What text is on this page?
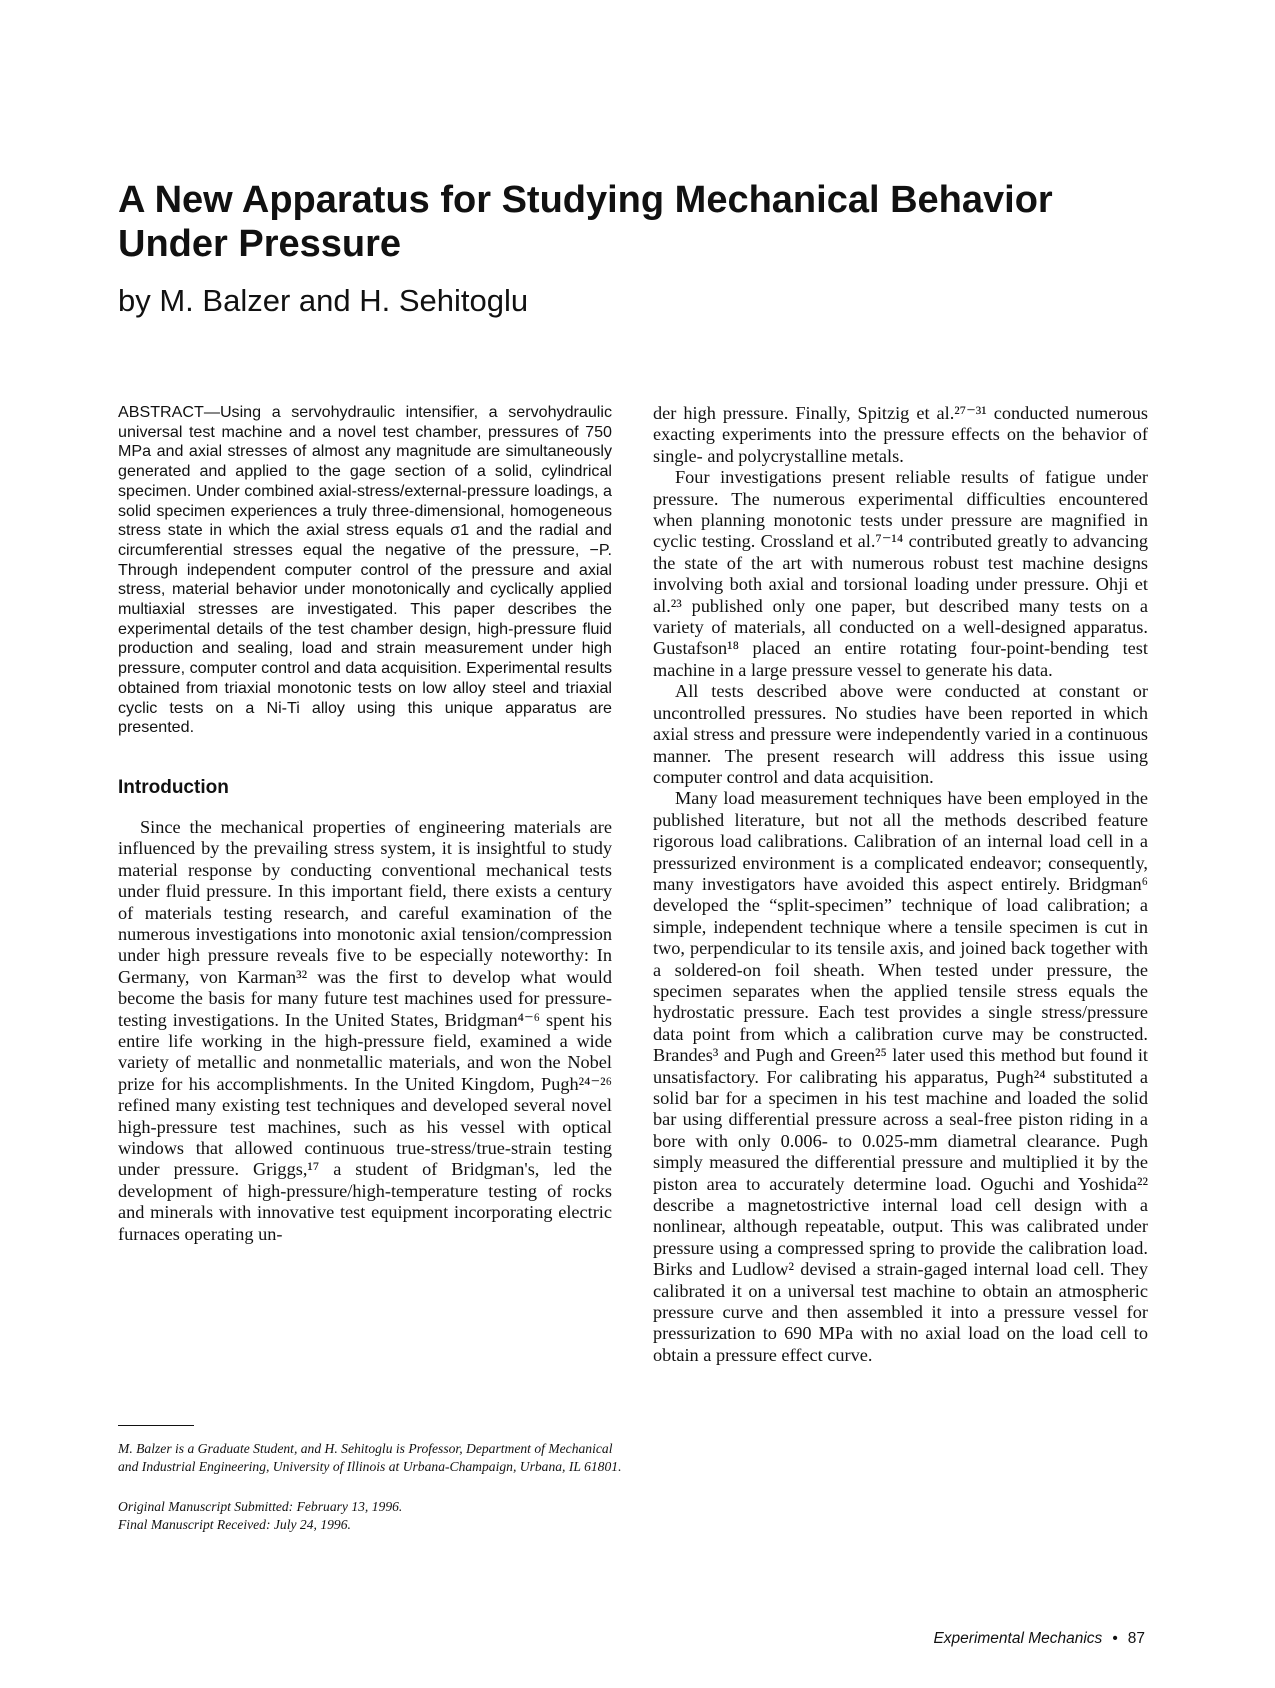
A New Apparatus for Studying Mechanical Behavior Under Pressure

by M. Balzer and H. Sehitoglu

ABSTRACT—Using a servohydraulic intensifier, a servohydraulic universal test machine and a novel test chamber, pressures of 750 MPa and axial stresses of almost any magnitude are simultaneously generated and applied to the gage section of a solid, cylindrical specimen. Under combined axial-stress/external-pressure loadings, a solid specimen experiences a truly three-dimensional, homogeneous stress state in which the axial stress equals σ1 and the radial and circumferential stresses equal the negative of the pressure, −P. Through independent computer control of the pressure and axial stress, material behavior under monotonically and cyclically applied multiaxial stresses are investigated. This paper describes the experimental details of the test chamber design, high-pressure fluid production and sealing, load and strain measurement under high pressure, computer control and data acquisition. Experimental results obtained from triaxial monotonic tests on low alloy steel and triaxial cyclic tests on a Ni-Ti alloy using this unique apparatus are presented.

Introduction

Since the mechanical properties of engineering materials are influenced by the prevailing stress system, it is insightful to study material response by conducting conventional mechanical tests under fluid pressure. In this important field, there exists a century of materials testing research, and careful examination of the numerous investigations into monotonic axial tension/compression under high pressure reveals five to be especially noteworthy: In Germany, von Karman³² was the first to develop what would become the basis for many future test machines used for pressure-testing investigations. In the United States, Bridgman⁴⁻⁶ spent his entire life working in the high-pressure field, examined a wide variety of metallic and nonmetallic materials, and won the Nobel prize for his accomplishments. In the United Kingdom, Pugh²⁴⁻²⁶ refined many existing test techniques and developed several novel high-pressure test machines, such as his vessel with optical windows that allowed continuous true-stress/true-strain testing under pressure. Griggs,¹⁷ a student of Bridgman's, led the development of high-pressure/high-temperature testing of rocks and minerals with innovative test equipment incorporating electric furnaces operating un-

der high pressure. Finally, Spitzig et al.²⁷⁻³¹ conducted numerous exacting experiments into the pressure effects on the behavior of single- and polycrystalline metals.

Four investigations present reliable results of fatigue under pressure. The numerous experimental difficulties encountered when planning monotonic tests under pressure are magnified in cyclic testing. Crossland et al.⁷⁻¹⁴ contributed greatly to advancing the state of the art with numerous robust test machine designs involving both axial and torsional loading under pressure. Ohji et al.²³ published only one paper, but described many tests on a variety of materials, all conducted on a well-designed apparatus. Gustafson¹⁸ placed an entire rotating four-point-bending test machine in a large pressure vessel to generate his data.

All tests described above were conducted at constant or uncontrolled pressures. No studies have been reported in which axial stress and pressure were independently varied in a continuous manner. The present research will address this issue using computer control and data acquisition.

Many load measurement techniques have been employed in the published literature, but not all the methods described feature rigorous load calibrations. Calibration of an internal load cell in a pressurized environment is a complicated endeavor; consequently, many investigators have avoided this aspect entirely. Bridgman⁶ developed the “split-specimen” technique of load calibration; a simple, independent technique where a tensile specimen is cut in two, perpendicular to its tensile axis, and joined back together with a soldered-on foil sheath. When tested under pressure, the specimen separates when the applied tensile stress equals the hydrostatic pressure. Each test provides a single stress/pressure data point from which a calibration curve may be constructed. Brandes³ and Pugh and Green²⁵ later used this method but found it unsatisfactory. For calibrating his apparatus, Pugh²⁴ substituted a solid bar for a specimen in his test machine and loaded the solid bar using differential pressure across a seal-free piston riding in a bore with only 0.006- to 0.025-mm diametral clearance. Pugh simply measured the differential pressure and multiplied it by the piston area to accurately determine load. Oguchi and Yoshida²² describe a magnetostrictive internal load cell design with a nonlinear, although repeatable, output. This was calibrated under pressure using a compressed spring to provide the calibration load. Birks and Ludlow² devised a strain-gaged internal load cell. They calibrated it on a universal test machine to obtain an atmospheric pressure curve and then assembled it into a pressure vessel for pressurization to 690 MPa with no axial load on the load cell to obtain a pressure effect curve.

M. Balzer is a Graduate Student, and H. Sehitoglu is Professor, Department of Mechanical and Industrial Engineering, University of Illinois at Urbana-Champaign, Urbana, IL 61801.

Original Manuscript Submitted: February 13, 1996.
Final Manuscript Received: July 24, 1996.
Experimental Mechanics • 87
